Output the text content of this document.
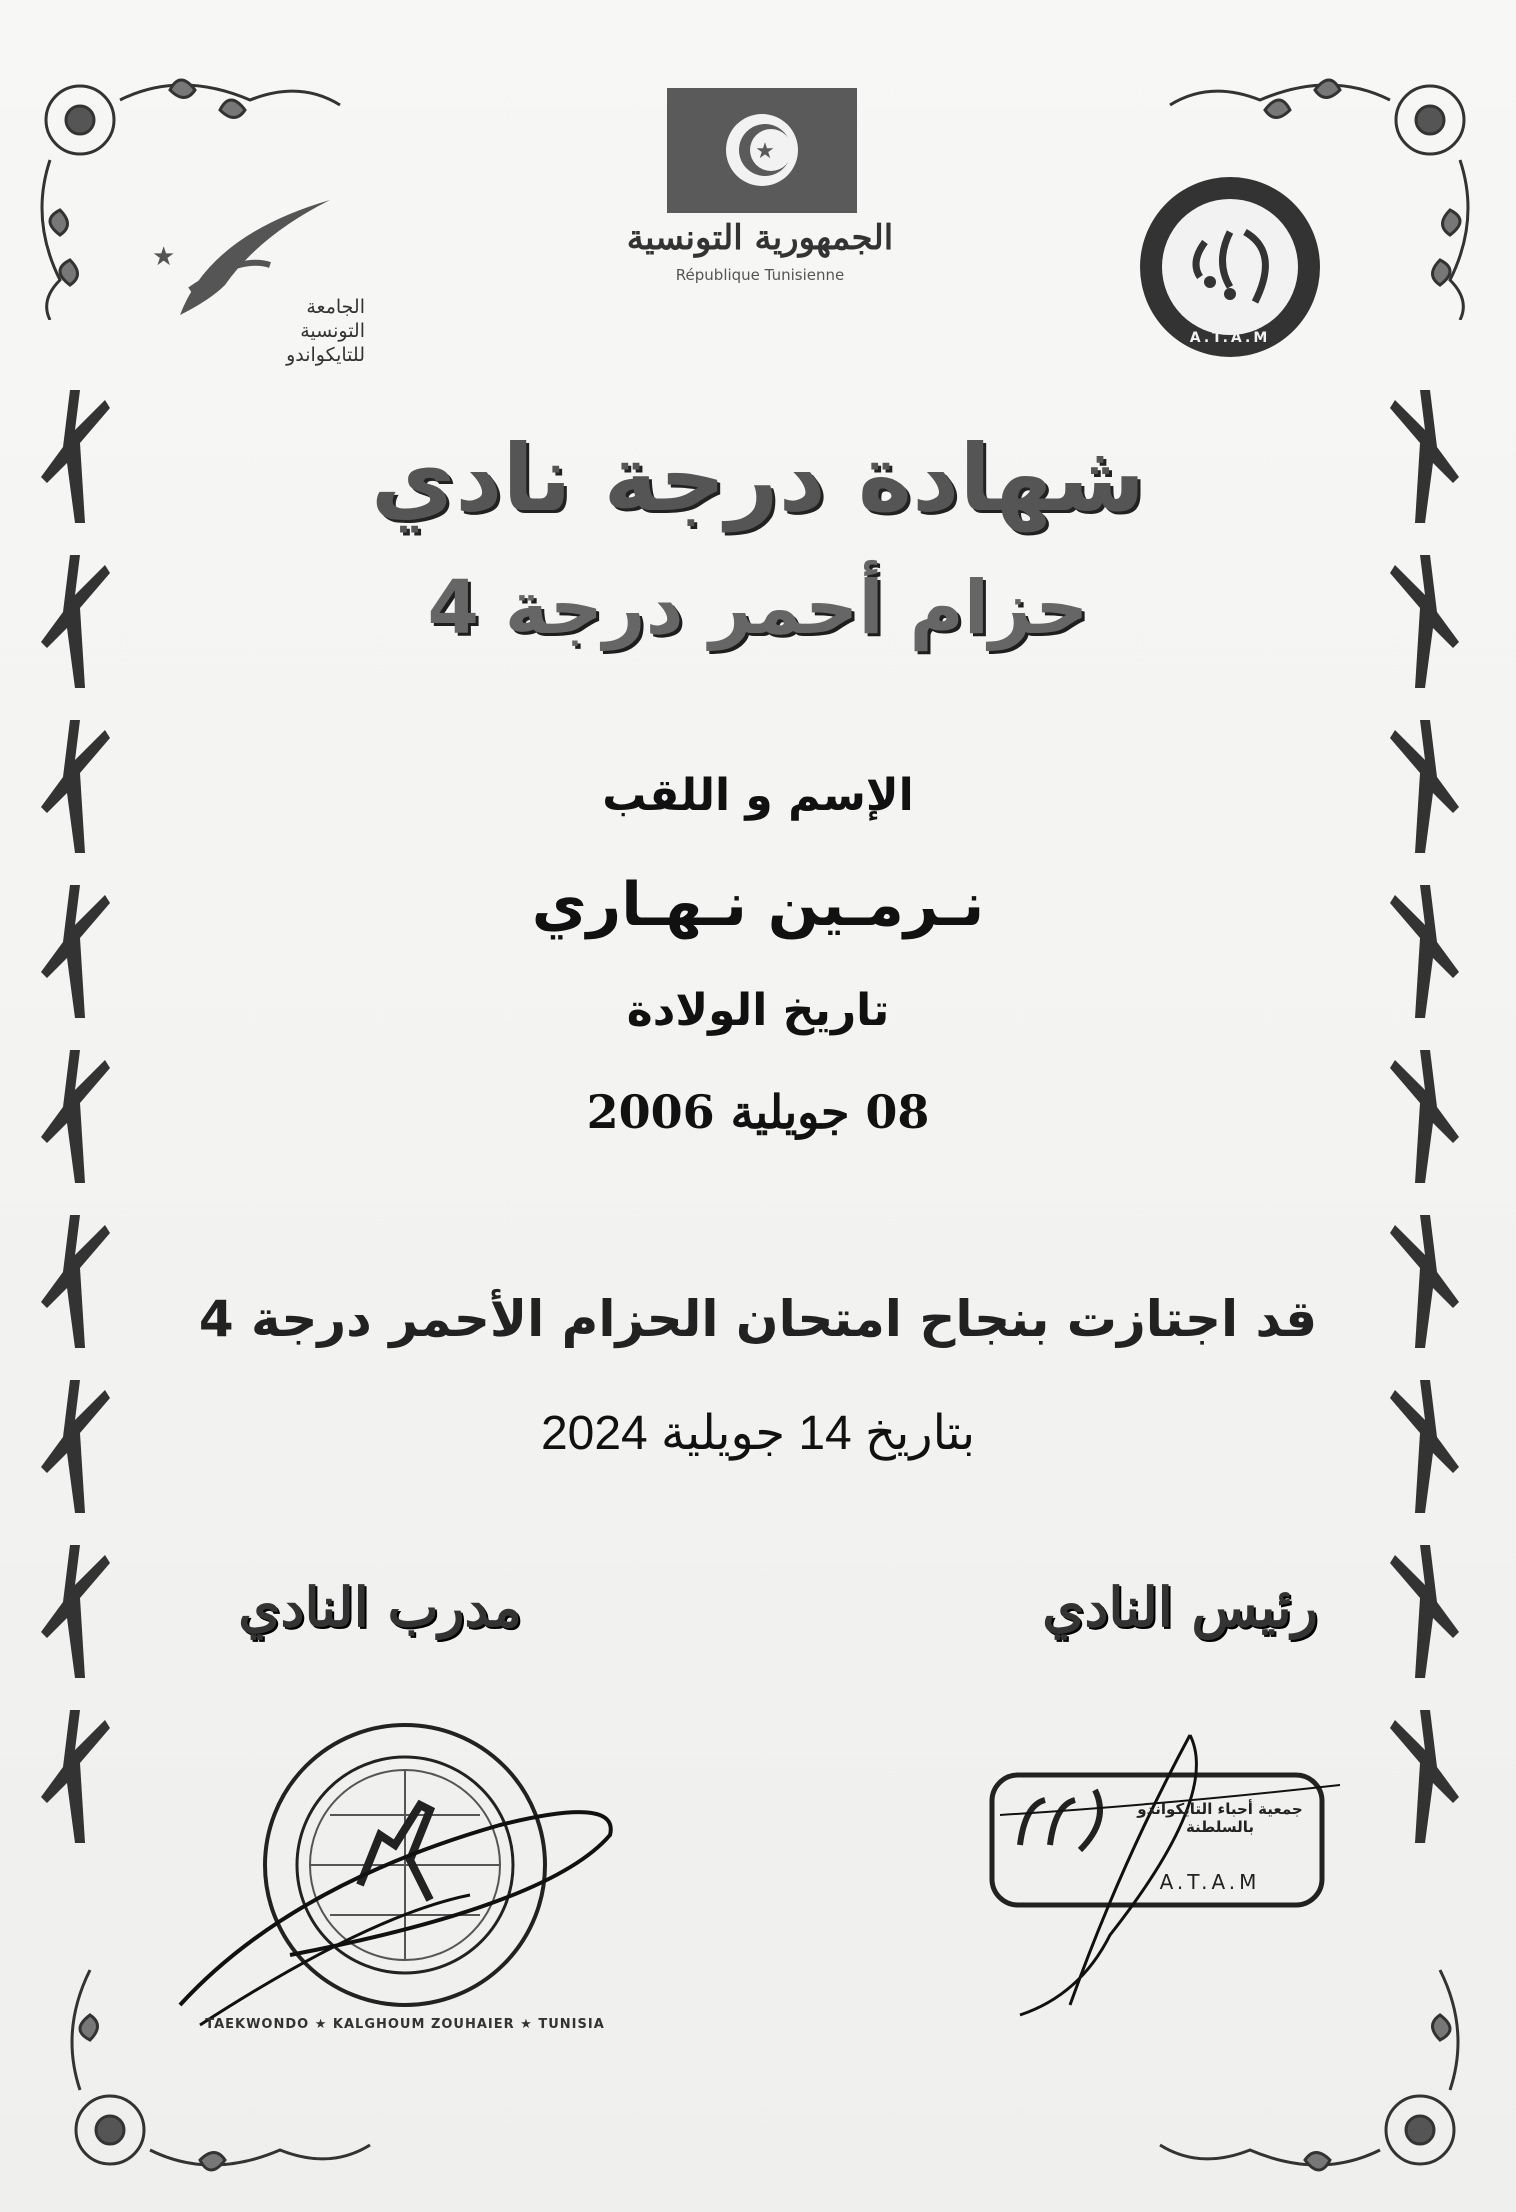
★
الجامعة
التونسية
للتايكواندو
★
الجمهورية التونسية
République Tunisienne
A.T.A.M
شهادة درجة نادي
حزام أحمر درجة 4
الإسم و اللقب
نـرمـين نـهـاري
تاريخ الولادة
08 جويلية 2006
قد اجتازت بنجاح امتحان الحزام الأحمر درجة 4
بتاريخ 14 جويلية 2024
مدرب النادي	رئيس النادي
TAEKWONDO ★ KALGHOUM ZOUHAIER ★ TUNISIA
جمعية أحباء التايكواندو بالسلطنة
A.T.A.M
